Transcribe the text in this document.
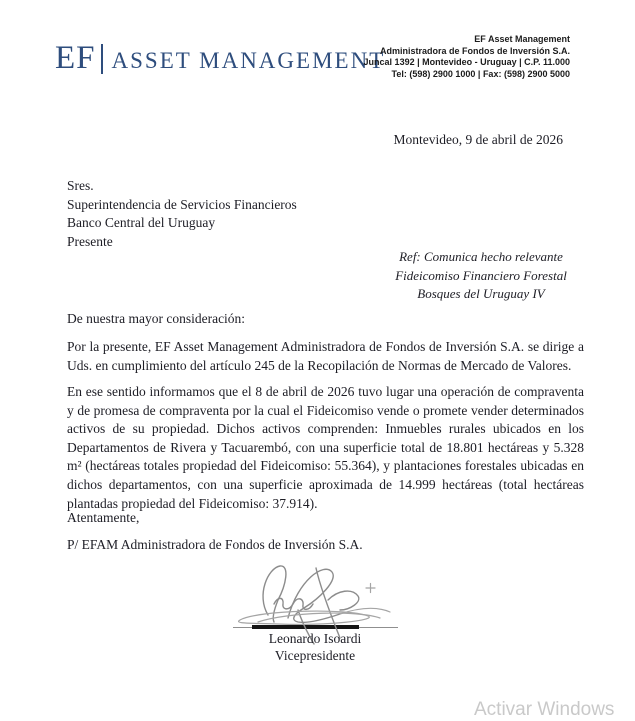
EF ASSET MANAGEMENT
EF Asset Management
Administradora de Fondos de Inversión S.A.
Juncal 1392 | Montevideo - Uruguay | C.P. 11.000
Tel: (598) 2900 1000 | Fax: (598) 2900 5000
Montevideo, 9 de abril de 2026
Sres.
Superintendencia de Servicios Financieros
Banco Central del Uruguay
Presente
Ref: Comunica hecho relevante
Fideicomiso Financiero Forestal
Bosques del Uruguay IV
De nuestra mayor consideración:
Por la presente, EF Asset Management Administradora de Fondos de Inversión S.A. se dirige a Uds. en cumplimiento del artículo 245 de la Recopilación de Normas de Mercado de Valores.
En ese sentido informamos que el 8 de abril de 2026 tuvo lugar una operación de compraventa y de promesa de compraventa por la cual el Fideicomiso vende o promete vender determinados activos de su propiedad. Dichos activos comprenden: Inmuebles rurales ubicados en los Departamentos de Rivera y Tacuarembó, con una superficie total de 18.801 hectáreas y 5.328 m² (hectáreas totales propiedad del Fideicomiso: 55.364), y plantaciones forestales ubicadas en dichos departamentos, con una superficie aproximada de 14.999 hectáreas (total hectáreas plantadas propiedad del Fideicomiso: 37.914).
Atentamente,
P/ EFAM Administradora de Fondos de Inversión S.A.
Leonardo Isoardi
Vicepresidente
Activar Windows
